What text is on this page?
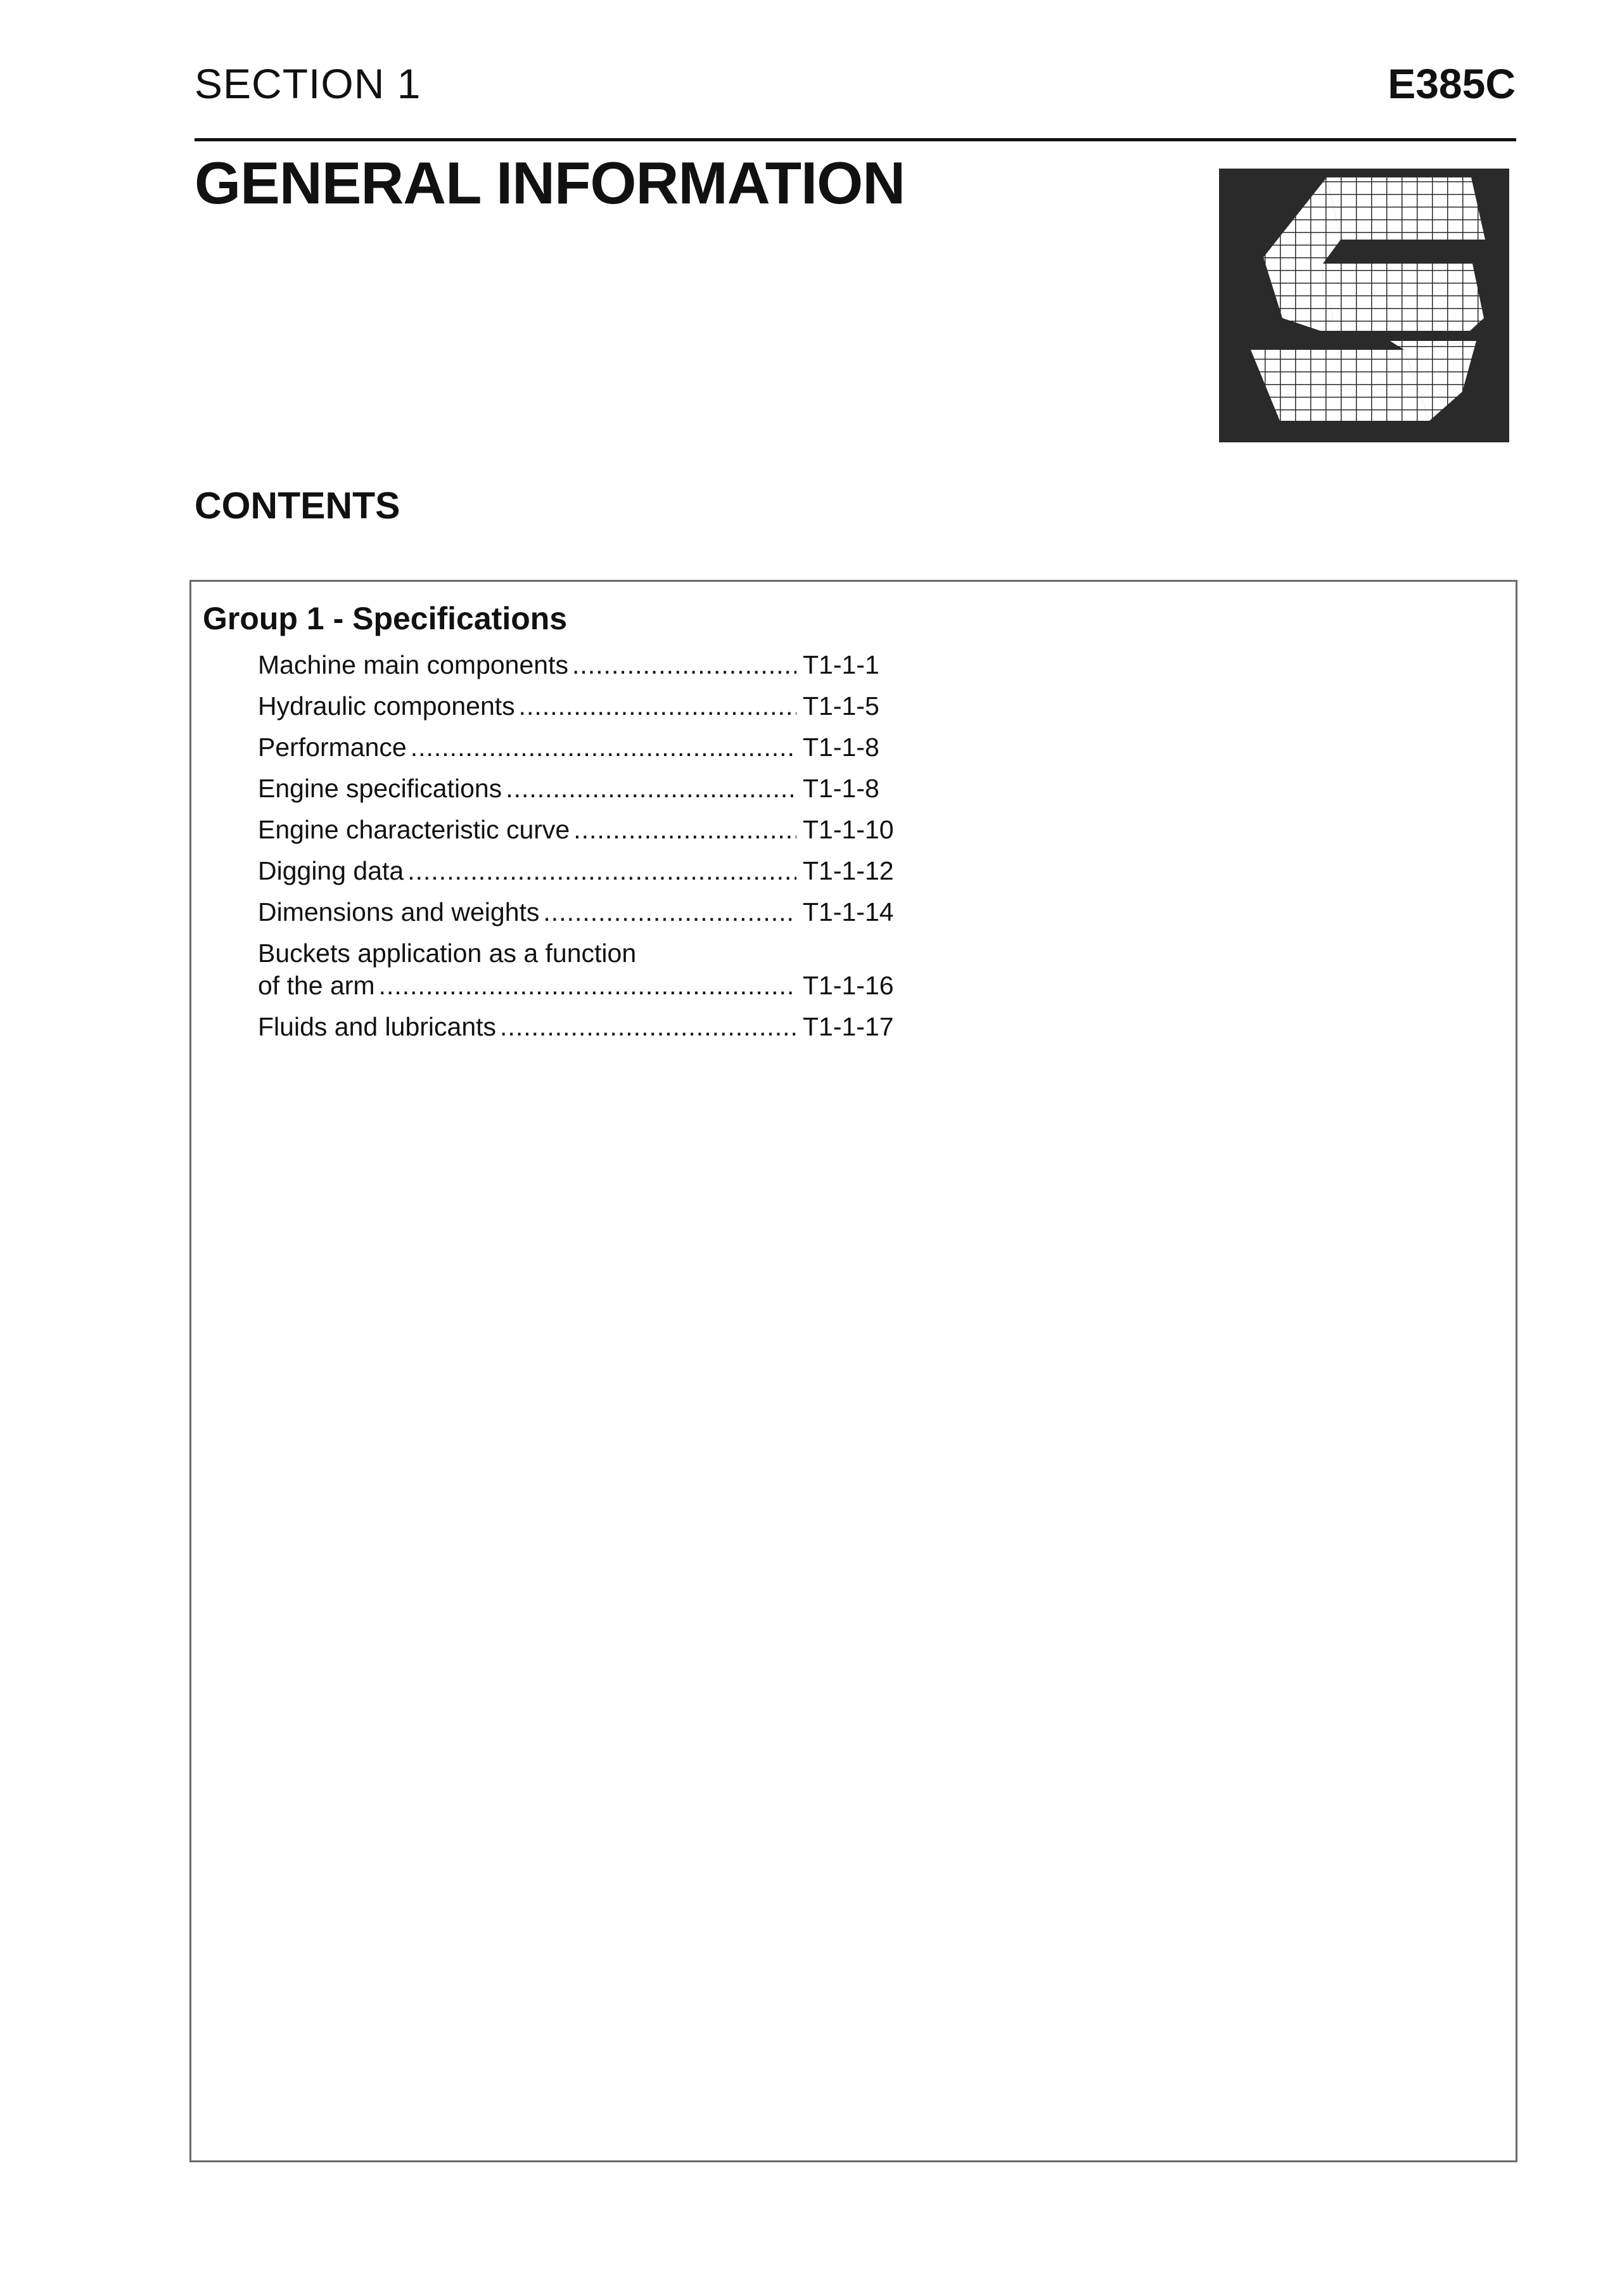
SECTION 1	E385C
GENERAL INFORMATION
CONTENTS
Group 1 - Specifications
Machine main components .....	T1-1-1
Hydraulic components .....	T1-1-5
Performance .....	T1-1-8
Engine specifications .....	T1-1-8
Engine characteristic curve .....	T1-1-10
Digging data .....	T1-1-12
Dimensions and weights .....	T1-1-14
Buckets application as a function
of the arm .....	T1-1-16
Fluids and lubricants .....	T1-1-17
